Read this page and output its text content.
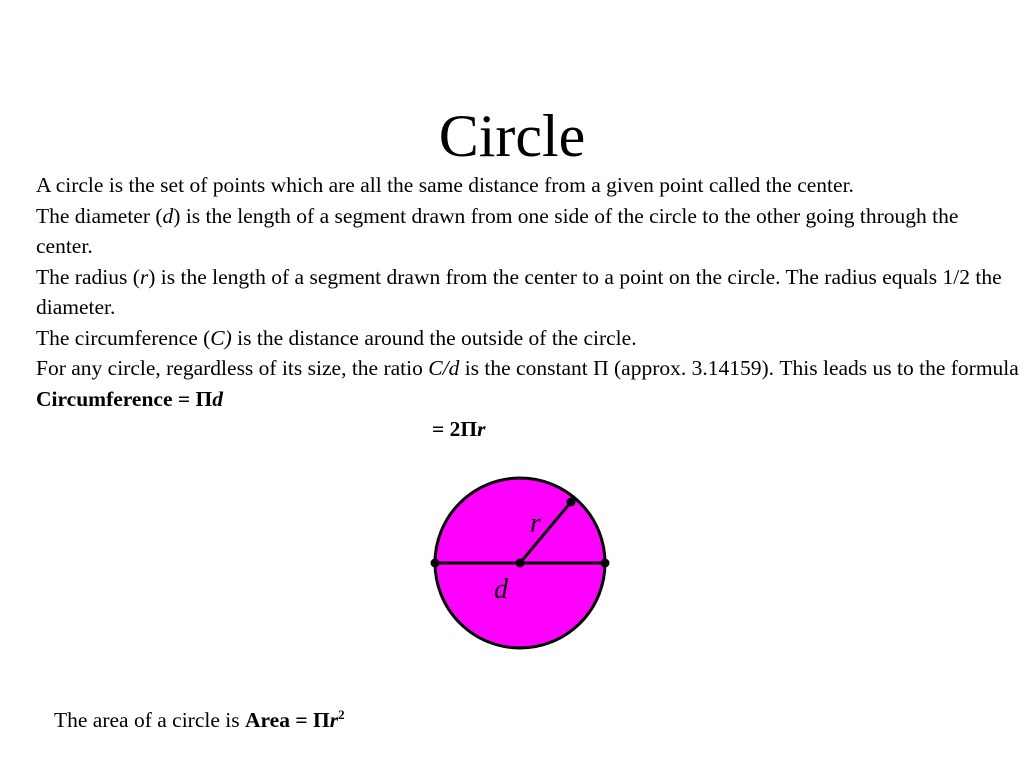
Circle

A circle is the set of points which are all the same distance from a given point called the center.

The diameter (d) is the length of a segment drawn from one side of the circle to the other going through the center.

The radius (r) is the length of a segment drawn from the center to a point on the circle. The radius equals 1/2 the diameter.

The circumference (C) is the distance around the outside of the circle.

For any circle, regardless of its size, the ratio C/d is the constant Π (approx. 3.14159). This leads us to the formula Circumference = Πd

= 2Πr

r
d
The area of a circle is Area = $\Pi r^2$
